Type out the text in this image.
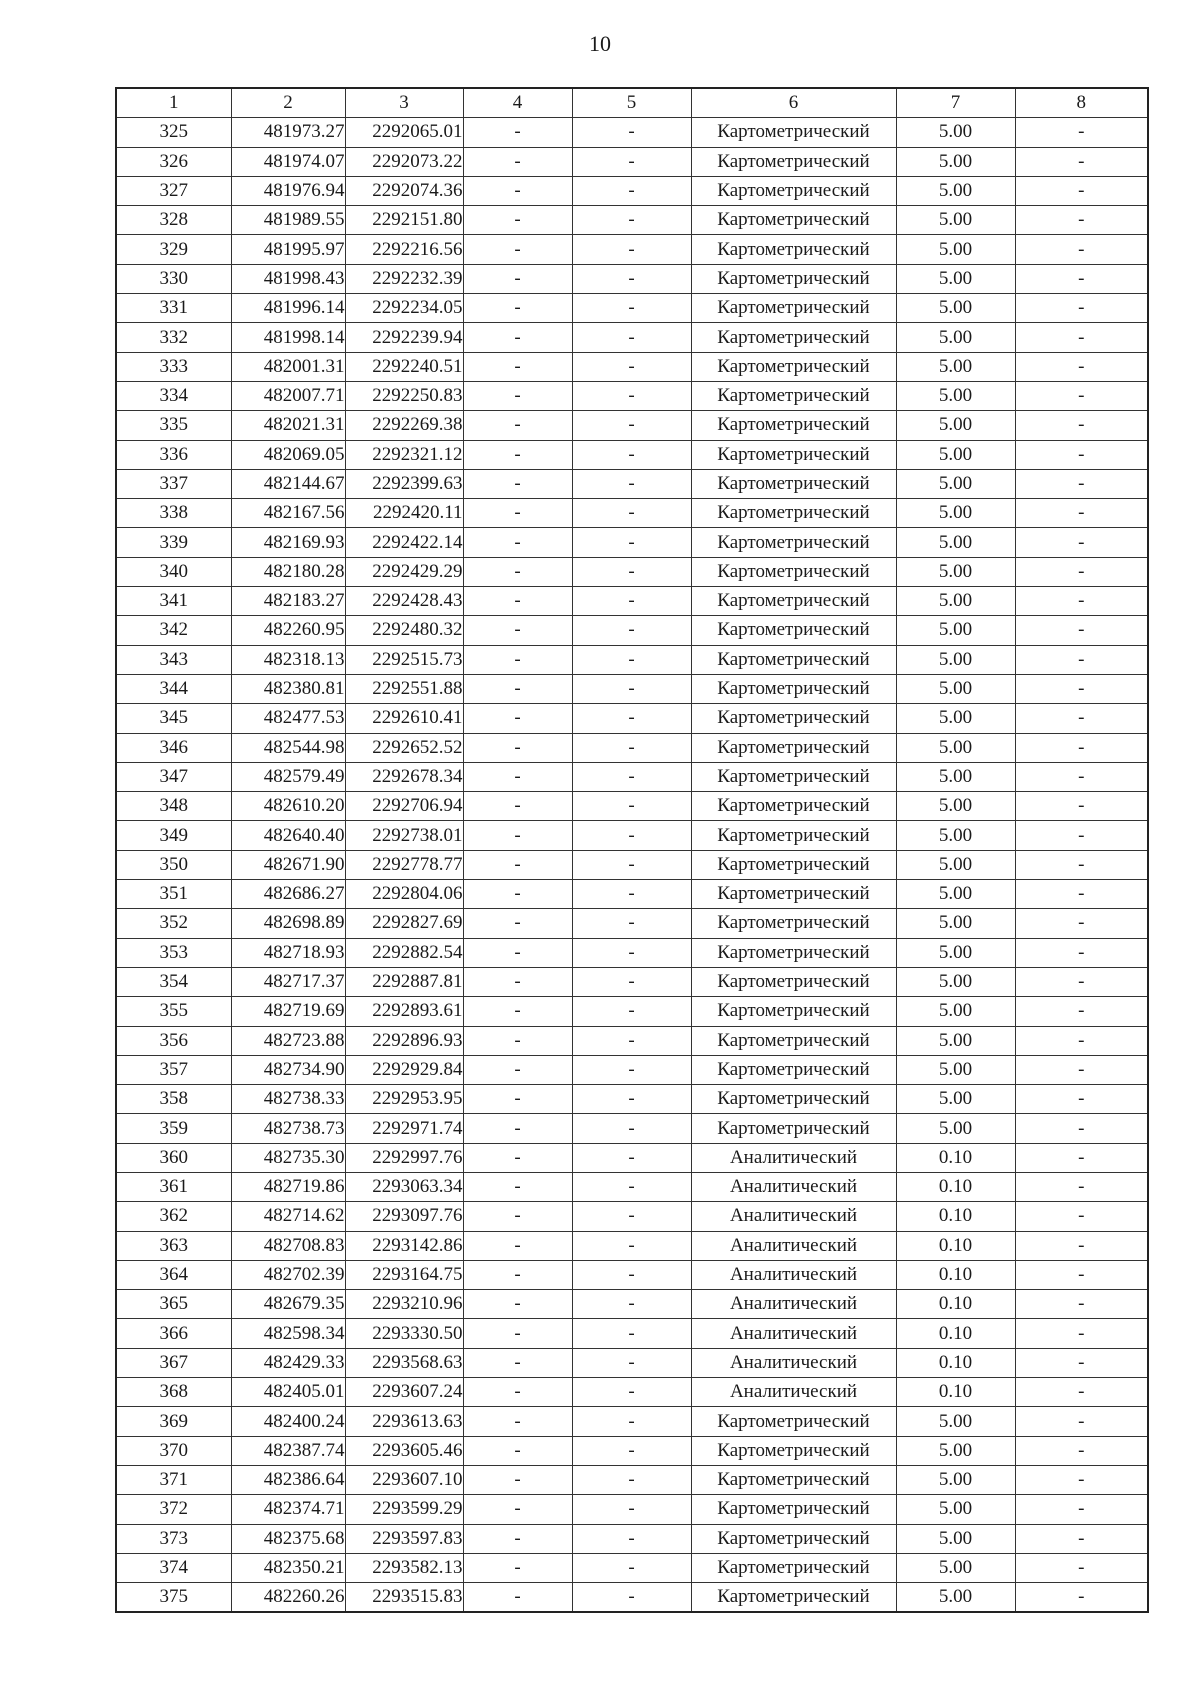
10
1	2	3	4	5	6	7	8
325	481973.27	2292065.01	-	-	Картометрический	5.00	-
326	481974.07	2292073.22	-	-	Картометрический	5.00	-
327	481976.94	2292074.36	-	-	Картометрический	5.00	-
328	481989.55	2292151.80	-	-	Картометрический	5.00	-
329	481995.97	2292216.56	-	-	Картометрический	5.00	-
330	481998.43	2292232.39	-	-	Картометрический	5.00	-
331	481996.14	2292234.05	-	-	Картометрический	5.00	-
332	481998.14	2292239.94	-	-	Картометрический	5.00	-
333	482001.31	2292240.51	-	-	Картометрический	5.00	-
334	482007.71	2292250.83	-	-	Картометрический	5.00	-
335	482021.31	2292269.38	-	-	Картометрический	5.00	-
336	482069.05	2292321.12	-	-	Картометрический	5.00	-
337	482144.67	2292399.63	-	-	Картометрический	5.00	-
338	482167.56	2292420.11	-	-	Картометрический	5.00	-
339	482169.93	2292422.14	-	-	Картометрический	5.00	-
340	482180.28	2292429.29	-	-	Картометрический	5.00	-
341	482183.27	2292428.43	-	-	Картометрический	5.00	-
342	482260.95	2292480.32	-	-	Картометрический	5.00	-
343	482318.13	2292515.73	-	-	Картометрический	5.00	-
344	482380.81	2292551.88	-	-	Картометрический	5.00	-
345	482477.53	2292610.41	-	-	Картометрический	5.00	-
346	482544.98	2292652.52	-	-	Картометрический	5.00	-
347	482579.49	2292678.34	-	-	Картометрический	5.00	-
348	482610.20	2292706.94	-	-	Картометрический	5.00	-
349	482640.40	2292738.01	-	-	Картометрический	5.00	-
350	482671.90	2292778.77	-	-	Картометрический	5.00	-
351	482686.27	2292804.06	-	-	Картометрический	5.00	-
352	482698.89	2292827.69	-	-	Картометрический	5.00	-
353	482718.93	2292882.54	-	-	Картометрический	5.00	-
354	482717.37	2292887.81	-	-	Картометрический	5.00	-
355	482719.69	2292893.61	-	-	Картометрический	5.00	-
356	482723.88	2292896.93	-	-	Картометрический	5.00	-
357	482734.90	2292929.84	-	-	Картометрический	5.00	-
358	482738.33	2292953.95	-	-	Картометрический	5.00	-
359	482738.73	2292971.74	-	-	Картометрический	5.00	-
360	482735.30	2292997.76	-	-	Аналитический	0.10	-
361	482719.86	2293063.34	-	-	Аналитический	0.10	-
362	482714.62	2293097.76	-	-	Аналитический	0.10	-
363	482708.83	2293142.86	-	-	Аналитический	0.10	-
364	482702.39	2293164.75	-	-	Аналитический	0.10	-
365	482679.35	2293210.96	-	-	Аналитический	0.10	-
366	482598.34	2293330.50	-	-	Аналитический	0.10	-
367	482429.33	2293568.63	-	-	Аналитический	0.10	-
368	482405.01	2293607.24	-	-	Аналитический	0.10	-
369	482400.24	2293613.63	-	-	Картометрический	5.00	-
370	482387.74	2293605.46	-	-	Картометрический	5.00	-
371	482386.64	2293607.10	-	-	Картометрический	5.00	-
372	482374.71	2293599.29	-	-	Картометрический	5.00	-
373	482375.68	2293597.83	-	-	Картометрический	5.00	-
374	482350.21	2293582.13	-	-	Картометрический	5.00	-
375	482260.26	2293515.83	-	-	Картометрический	5.00	-
